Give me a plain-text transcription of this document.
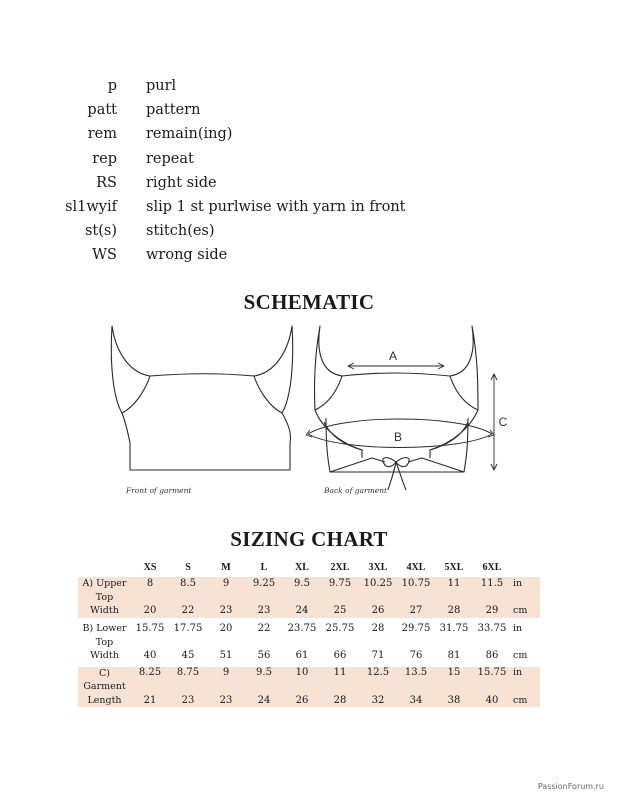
p purl
patt pattern
rem remain(ing)
rep repeat
RS right side
sl1wyif slip 1 st purlwise with yarn in front
st(s) stitch(es)
WS wrong side
SCHEMATIC
A
B
C
Front of garment	Back of garment
SIZING CHART
	XS	S	M	L	XL	2XL	3XL	4XL	5XL	6XL	
A) Upper	8	8.5	9	9.25	9.5	9.75	10.25	10.75	11	11.5	in
Top											
Width	20	22	23	23	24	25	26	27	28	29	cm

B) Lower	15.75	17.75	20	22	23.75	25.75	28	29.75	31.75	33.75	in
Top											
Width	40	45	51	56	61	66	71	76	81	86	cm

C)	8.25	8.75	9	9.5	10	11	12.5	13.5	15	15.75	in
Garment											
Length	21	23	23	24	26	28	32	34	38	40	cm
PassionForum.ru
